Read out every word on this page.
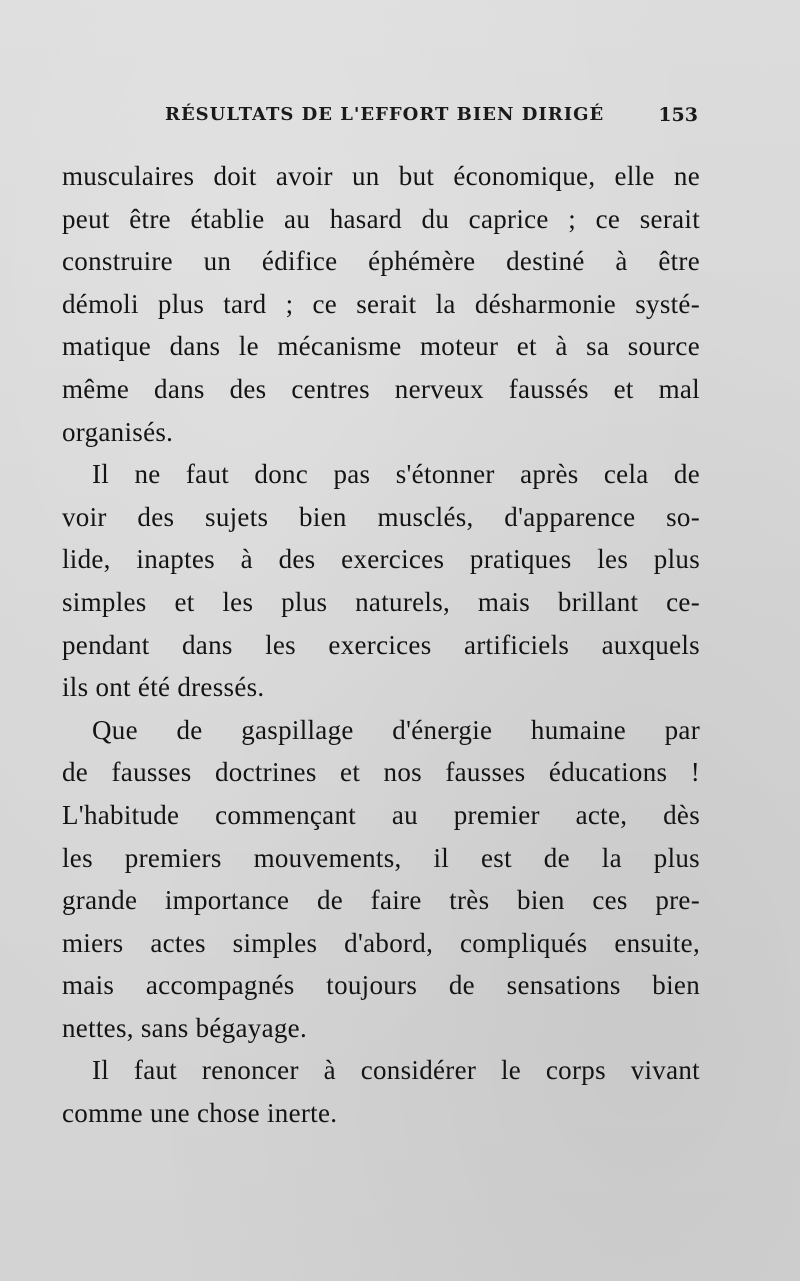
RÉSULTATS DE L'EFFORT BIEN DIRIGÉ	153
musculaires doit avoir un but économique, elle ne
peut être établie au hasard du caprice ; ce serait
construire un édifice éphémère destiné à être
démoli plus tard ; ce serait la désharmonie systé-
matique dans le mécanisme moteur et à sa source
même dans des centres nerveux faussés et mal
organisés.
Il ne faut donc pas s'étonner après cela de
voir des sujets bien musclés, d'apparence so-
lide, inaptes à des exercices pratiques les plus
simples et les plus naturels, mais brillant ce-
pendant dans les exercices artificiels auxquels
ils ont été dressés.
Que de gaspillage d'énergie humaine par
de fausses doctrines et nos fausses éducations !
L'habitude commençant au premier acte, dès
les premiers mouvements, il est de la plus
grande importance de faire très bien ces pre-
miers actes simples d'abord, compliqués ensuite,
mais accompagnés toujours de sensations bien
nettes, sans bégayage.
Il faut renoncer à considérer le corps vivant
comme une chose inerte.
